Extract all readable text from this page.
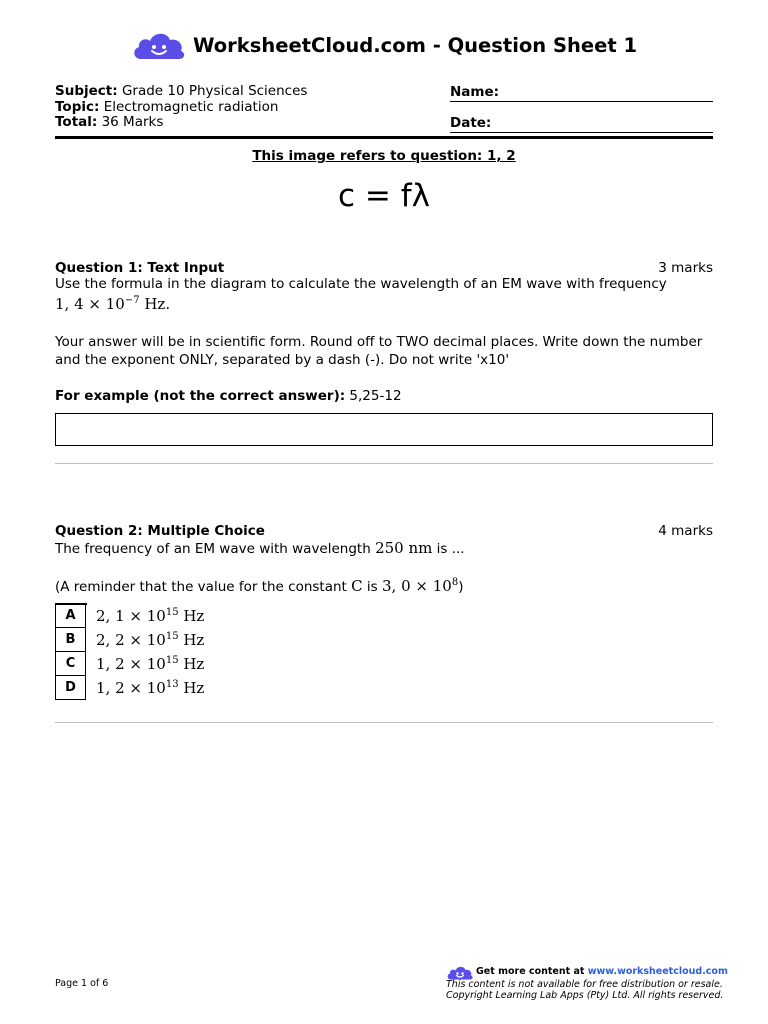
WorksheetCloud.com - Question Sheet 1
Subject: Grade 10 Physical Sciences
Topic: Electromagnetic radiation
Total: 36 Marks
Name:
Date:
This image refers to question: 1, 2
c = fλ
Question 1: Text Input	3 marks
Use the formula in the diagram to calculate the wavelength of an EM wave with frequency
1, $4 \times 10^{-7}$ Hz.
Your answer will be in scientific form. Round off to TWO decimal places. Write down the number and the exponent ONLY, separated by a dash (-). Do not write 'x10'
For example (not the correct answer): 5,25-12
Question 2: Multiple Choice	4 marks
The frequency of an EM wave with wavelength 250 nm is ...
(A reminder that the value for the constant C is 3, $0 \times 10^8$)
A	2, $1 \times 10^{15}$ Hz
B	2, $2 \times 10^{15}$ Hz
C	1, $2 \times 10^{15}$ Hz
D	1, $2 \times 10^{13}$ Hz
Page 1 of 6
Get more content at www.worksheetcloud.com
This content is not available for free distribution or resale.
Copyright Learning Lab Apps (Pty) Ltd. All rights reserved.
